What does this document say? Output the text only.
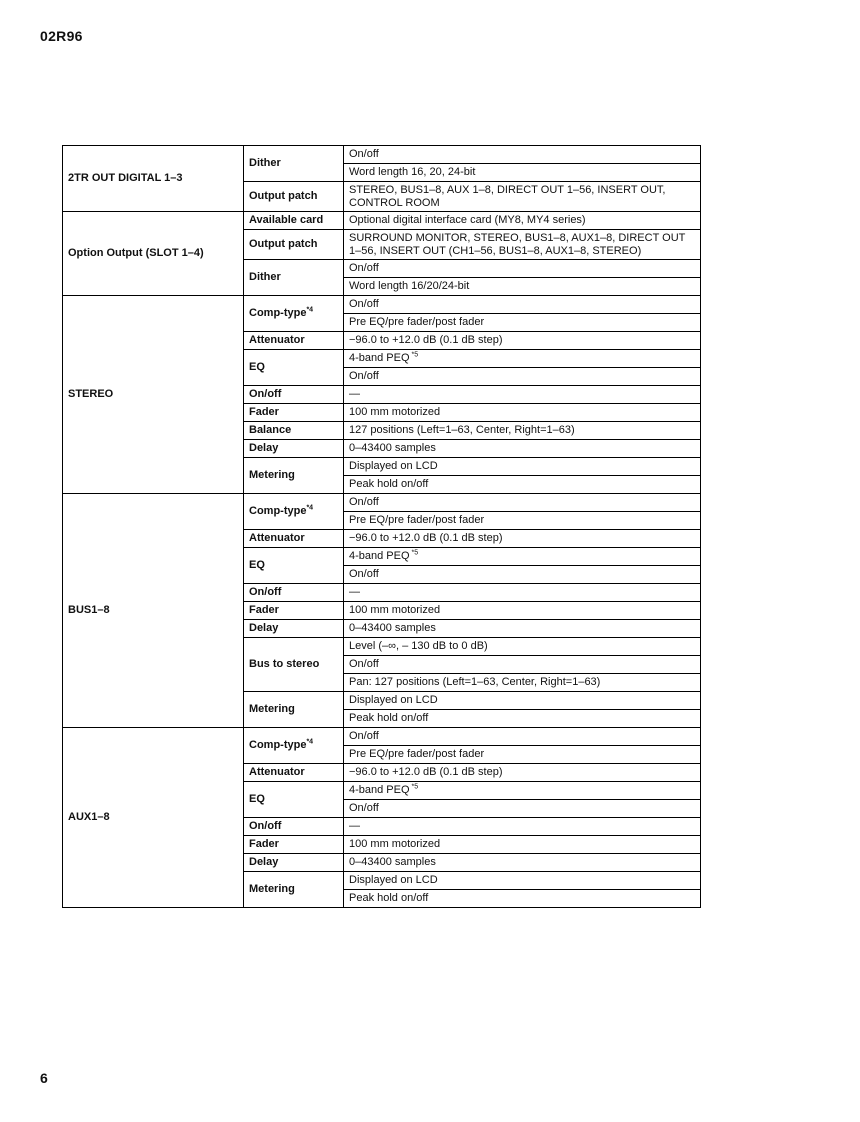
02R96
2TR OUT DIGITAL 1–3	Dither	On/off
		Word length 16, 20, 24-bit
	Output patch	STEREO, BUS1–8, AUX 1–8, DIRECT OUT 1–56, INSERT OUT, CONTROL ROOM
Option Output (SLOT 1–4)	Available card	Optional digital interface card (MY8, MY4 series)
	Output patch	SURROUND MONITOR, STEREO, BUS1–8, AUX1–8, DIRECT OUT 1–56, INSERT OUT (CH1–56, BUS1–8, AUX1–8, STEREO)
	Dither	On/off
		Word length 16/20/24-bit
STEREO	Comp-type$^{*4}$	On/off
		Pre EQ/pre fader/post fader
	Attenuator	−96.0 to +12.0 dB (0.1 dB step)
	EQ	4-band PEQ $^{*5}$
		On/off
	On/off	—
	Fader	100 mm motorized
	Balance	127 positions (Left=1–63, Center, Right=1–63)
	Delay	0–43400 samples
	Metering	Displayed on LCD
		Peak hold on/off
BUS1–8	Comp-type$^{*4}$	On/off
		Pre EQ/pre fader/post fader
	Attenuator	−96.0 to +12.0 dB (0.1 dB step)
	EQ	4-band PEQ $^{*5}$
		On/off
	On/off	—
	Fader	100 mm motorized
	Delay	0–43400 samples
	Bus to stereo	Level (–∞, – 130 dB to 0 dB)
		On/off
		Pan: 127 positions (Left=1–63, Center, Right=1–63)
	Metering	Displayed on LCD
		Peak hold on/off
AUX1–8	Comp-type$^{*4}$	On/off
		Pre EQ/pre fader/post fader
	Attenuator	−96.0 to +12.0 dB (0.1 dB step)
	EQ	4-band PEQ $^{*5}$
		On/off
	On/off	—
	Fader	100 mm motorized
	Delay	0–43400 samples
	Metering	Displayed on LCD
		Peak hold on/off
6
